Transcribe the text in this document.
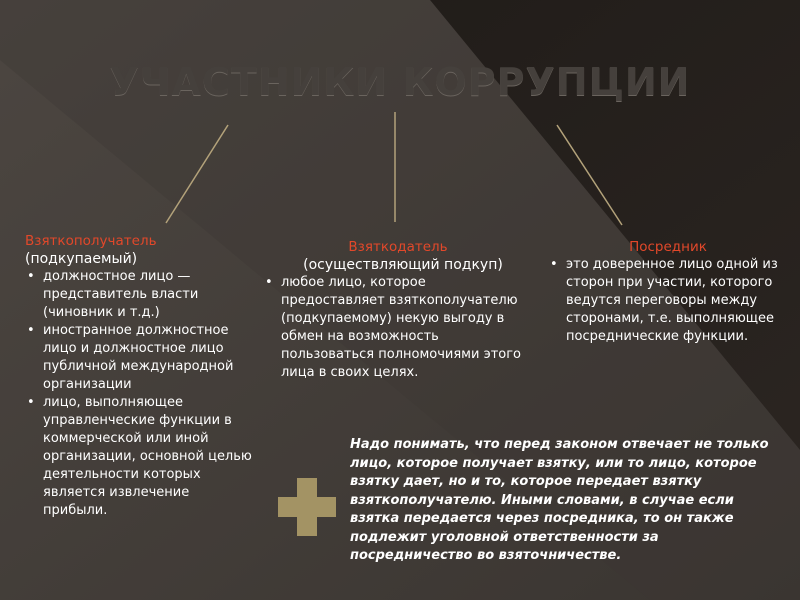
УЧАСТНИКИ КОРРУПЦИИ
Взяткополучатель
(подкупаемый)
• должностное лицо — представитель власти (чиновник и т.д.)
• иностранное должностное лицо и должностное лицо публичной международной организации
• лицо, выполняющее управленческие функции в коммерческой или иной организации, основной целью деятельности которых является извлечение прибыли.
Взяткодатель
(осуществляющий подкуп)
• любое лицо, которое предоставляет взяткополучателю (подкупаемому) некую выгоду в обмен на возможность пользоваться полномочиями этого лица в своих целях.
Посредник
• это доверенное лицо одной из сторон при участии, которого ведутся переговоры между сторонами, т.е. выполняющее посреднические функции.
Надо понимать, что перед законом отвечает не только лицо, которое получает взятку, или то лицо, которое взятку дает, но и то, которое передает взятку взяткополучателю. Иными словами, в случае если взятка передается через посредника, то он также подлежит уголовной ответственности за посредничество во взяточничестве.
